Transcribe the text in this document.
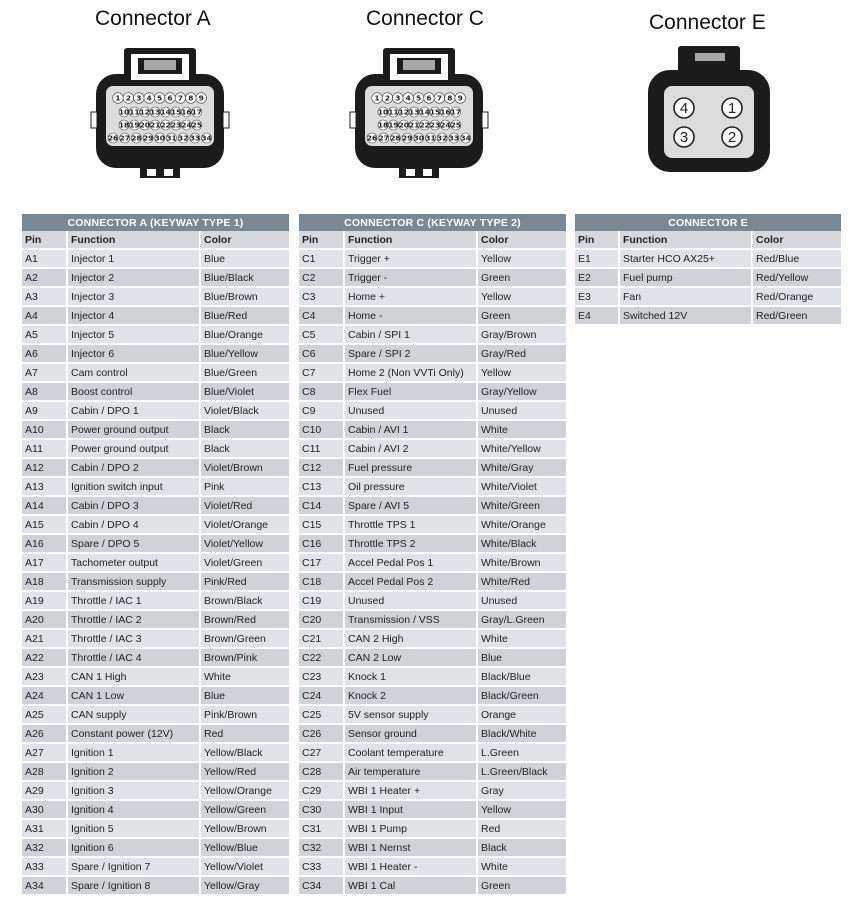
Connector A	Connector C	Connector E
1 2 3 4 5 6 7 8 9
10 11 12 13 14 15 16 17
18 19 20 21 22 23 24 25
26 27 28 29 30 31 32 33 34
1 2 3 4 5 6 7 8 9
10 11 12 13 14 15 16 17
18 19 20 21 22 23 24 25
26 27 28 29 30 31 32 33 34
4	1
3	2
CONNECTOR A (KEYWAY TYPE 1)		
Pin	Function	Color
A1	Injector 1	Blue
A2	Injector 2	Blue/Black
A3	Injector 3	Blue/Brown
A4	Injector 4	Blue/Red
A5	Injector 5	Blue/Orange
A6	Injector 6	Blue/Yellow
A7	Cam control	Blue/Green
A8	Boost control	Blue/Violet
A9	Cabin / DPO 1	Violet/Black
A10	Power ground output	Black
A11	Power ground output	Black
A12	Cabin / DPO 2	Violet/Brown
A13	Ignition switch input	Pink
A14	Cabin / DPO 3	Violet/Red
A15	Cabin / DPO 4	Violet/Orange
A16	Spare / DPO 5	Violet/Yellow
A17	Tachometer output	Violet/Green
A18	Transmission supply	Pink/Red
A19	Throttle / IAC 1	Brown/Black
A20	Throttle / IAC 2	Brown/Red
A21	Throttle / IAC 3	Brown/Green
A22	Throttle / IAC 4	Brown/Pink
A23	CAN 1 High	White
A24	CAN 1 Low	Blue
A25	CAN supply	Pink/Brown
A26	Constant power (12V)	Red
A27	Ignition 1	Yellow/Black
A28	Ignition 2	Yellow/Red
A29	Ignition 3	Yellow/Orange
A30	Ignition 4	Yellow/Green
A31	Ignition 5	Yellow/Brown
A32	Ignition 6	Yellow/Blue
A33	Spare / Ignition 7	Yellow/Violet
A34	Spare / Ignition 8	Yellow/Gray
CONNECTOR C (KEYWAY TYPE 2)		
Pin	Function	Color
C1	Trigger +	Yellow
C2	Trigger -	Green
C3	Home +	Yellow
C4	Home -	Green
C5	Cabin / SPI 1	Gray/Brown
C6	Spare / SPI 2	Gray/Red
C7	Home 2 (Non VVTi Only)	Yellow
C8	Flex Fuel	Gray/Yellow
C9	Unused	Unused
C10	Cabin / AVI 1	White
C11	Cabin / AVI 2	White/Yellow
C12	Fuel pressure	White/Gray
C13	Oil pressure	White/Violet
C14	Spare / AVI 5	White/Green
C15	Throttle TPS 1	White/Orange
C16	Throttle TPS 2	White/Black
C17	Accel Pedal Pos 1	White/Brown
C18	Accel Pedal Pos 2	White/Red
C19	Unused	Unused
C20	Transmission / VSS	Gray/L.Green
C21	CAN 2 High	White
C22	CAN 2 Low	Blue
C23	Knock 1	Black/Blue
C24	Knock 2	Black/Green
C25	5V sensor supply	Orange
C26	Sensor ground	Black/White
C27	Coolant temperature	L.Green
C28	Air temperature	L.Green/Black
C29	WBI 1 Heater +	Gray
C30	WBI 1 Input	Yellow
C31	WBI 1 Pump	Red
C32	WBI 1 Nernst	Black
C33	WBI 1 Heater -	White
C34	WBI 1 Cal	Green
CONNECTOR E		
Pin	Function	Color
E1	Starter HCO AX25+	Red/Blue
E2	Fuel pump	Red/Yellow
E3	Fan	Red/Orange
E4	Switched 12V	Red/Green
